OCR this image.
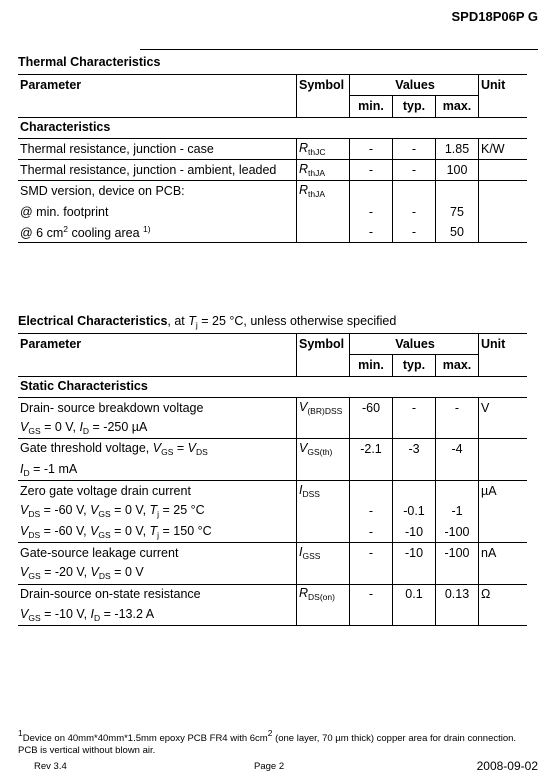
SPD18P06P G
Thermal Characteristics
Parameter	Symbol	Values			Unit
		min.	typ.	max.	
Characteristics					
Thermal resistance, junction - case	$R_{thJC}$	-	-	1.85	K/W
Thermal resistance, junction - ambient, leaded	$R_{thJA}$	-	-	100	
SMD version, device on PCB:	$R_{thJA}$				
@ min. footprint		-	-	75	
@ 6 $cm^2$ cooling area $^{1)}$		-	-	50	
Electrical Characteristics, at $T_j = 25$ °C, unless otherwise specified
Parameter	Symbol	Values			Unit
		min.	typ.	max.	
Static Characteristics					
Drain- source breakdown voltage	$V_{(BR)DSS}$	-60	-	-	V
$V_{GS} = 0$ V, $I_D = -250$ µA					
Gate threshold voltage, $V_{GS} = V_{DS}$	$V_{GS(th)}$	-2.1	-3	-4	
$I_D = -1$ mA					
Zero gate voltage drain current	$I_{DSS}$				µA
$V_{DS} = -60$ V, $V_{GS} = 0$ V, $T_j = 25$ °C		-	-0.1	-1	
$V_{DS} = -60$ V, $V_{GS} = 0$ V, $T_j = 150$ °C		-	-10	-100	
Gate-source leakage current	$I_{GSS}$	-	-10	-100	nA
$V_{GS} = -20$ V, $V_{DS} = 0$ V					
Drain-source on-state resistance	$R_{DS(on)}$	-	0.1	0.13	Ω
$V_{GS} = -10$ V, $I_D = -13.2$ A					
1Device on 40mm*40mm*1.5mm epoxy PCB FR4 with 6cm2 (one layer, 70 µm thick) copper area for drain connection. PCB is vertical without blown air.
Rev 3.4	Page 2	2008-09-02
